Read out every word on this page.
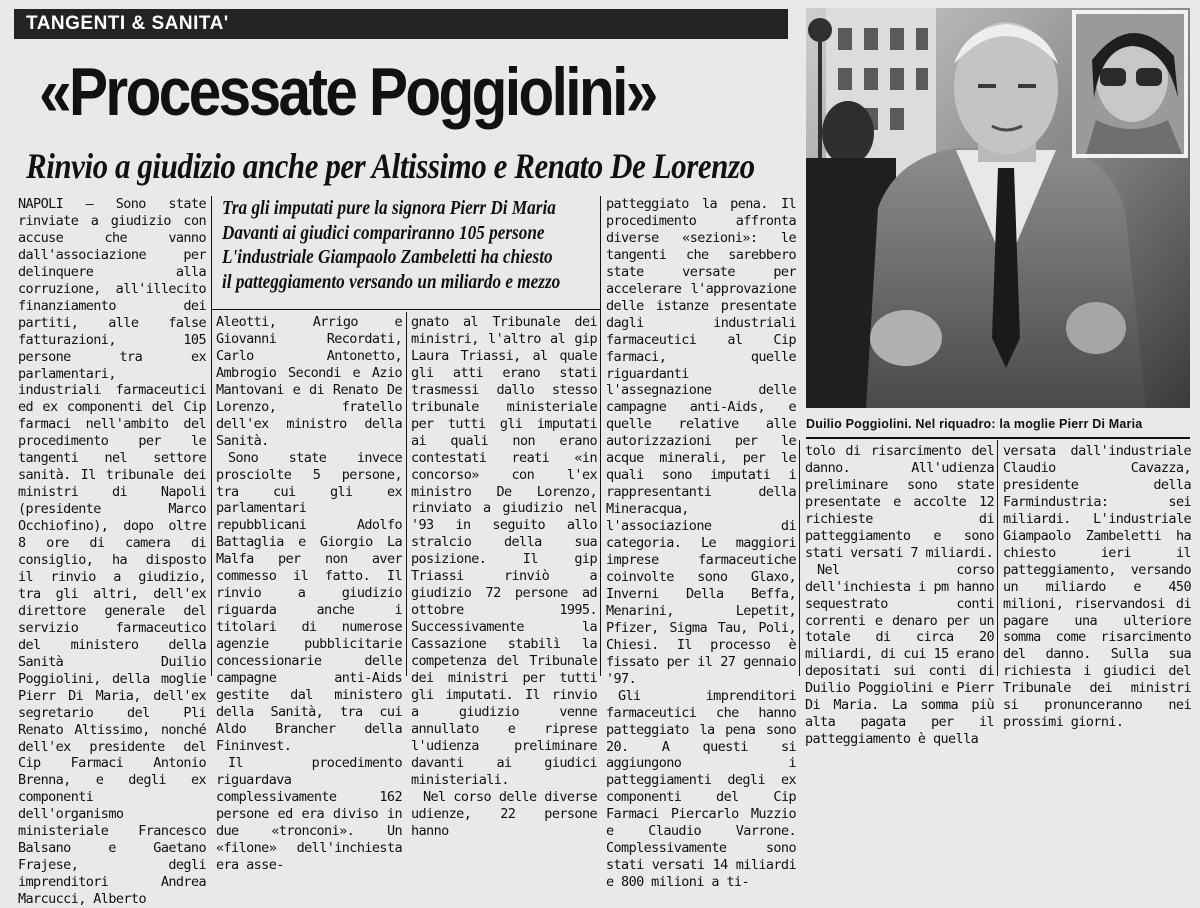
TANGENTI & SANITA'
«Processate Poggiolini»
Rinvio a giudizio anche per Altissimo e Renato De Lorenzo
Tra gli imputati pure la signora Pierr Di Maria
Davanti ai giudici compariranno 105 persone
L'industriale Giampaolo Zambeletti ha chiesto
il patteggiamento versando un miliardo e mezzo

NAPOLI — Sono state rinviate a giudizio con accuse che vanno dall'associazione per delinquere alla corruzione, all'illecito finanziamento dei partiti, alle false fatturazioni, 105 persone tra ex parlamentari, industriali farmaceutici ed ex componenti del Cip farmaci nell'ambito del procedimento per le tangenti nel settore sanità. Il tribunale dei ministri di Napoli (presidente Marco Occhiofino), dopo oltre 8 ore di camera di consiglio, ha disposto il rinvio a giudizio, tra gli altri, dell'ex direttore generale del servizio farmaceutico del ministero della Sanità Duilio Poggiolini, della moglie Pierr Di Maria, dell'ex segretario del Pli Renato Altissimo, nonché dell'ex presidente del Cip Farmaci Antonio Brenna, e degli ex componenti dell'organismo ministeriale Francesco Balsano e Gaetano Frajese, degli imprenditori Andrea Marcucci, Alberto

Aleotti, Arrigo e Giovanni Recordati, Carlo Antonetto, Ambrogio Secondi e Azio Mantovani e di Renato De Lorenzo, fratello dell'ex ministro della Sanità.

Sono state invece prosciolte 5 persone, tra cui gli ex parlamentari repubblicani Adolfo Battaglia e Giorgio La Malfa per non aver commesso il fatto. Il rinvio a giudizio riguarda anche i titolari di numerose agenzie pubblicitarie concessionarie delle campagne anti-Aids gestite dal ministero della Sanità, tra cui Aldo Brancher della Fininvest.

Il procedimento riguardava complessivamente 162 persone ed era diviso in due «tronconi». Un «filone» dell'inchiesta era asse-

gnato al Tribunale dei ministri, l'altro al gip Laura Triassi, al quale gli atti erano stati trasmessi dallo stesso tribunale ministeriale per tutti gli imputati ai quali non erano contestati reati «in concorso» con l'ex ministro De Lorenzo, rinviato a giudizio nel '93 in seguito allo stralcio della sua posizione. Il gip Triassi rinviò a giudizio 72 persone ad ottobre 1995. Successivamente la Cassazione stabilì la competenza del Tribunale dei ministri per tutti gli imputati. Il rinvio a giudizio venne annullato e riprese l'udienza preliminare davanti ai giudici ministeriali.

Nel corso delle diverse udienze, 22 persone hanno

patteggiato la pena. Il procedimento affronta diverse «sezioni»: le tangenti che sarebbero state versate per accelerare l'approvazione delle istanze presentate dagli industriali farmaceutici al Cip farmaci, quelle riguardanti l'assegnazione delle campagne anti-Aids, e quelle relative alle autorizzazioni per le acque minerali, per le quali sono imputati i rappresentanti della Mineracqua, l'associazione di categoria. Le maggiori imprese farmaceutiche coinvolte sono Glaxo, Inverni Della Beffa, Menarini, Lepetit, Pfizer, Sigma Tau, Poli, Chiesi. Il processo è fissato per il 27 gennaio '97.

Gli imprenditori farmaceutici che hanno patteggiato la pena sono 20. A questi si aggiungono i patteggiamenti degli ex componenti del Cip Farmaci Piercarlo Muzzio e Claudio Varrone. Complessivamente sono stati versati 14 miliardi e 800 milioni a ti-

tolo di risarcimento del danno. All'udienza preliminare sono state presentate e accolte 12 richieste di patteggiamento e sono stati versati 7 miliardi.

Nel corso dell'inchiesta i pm hanno sequestrato conti correnti e denaro per un totale di circa 20 miliardi, di cui 15 erano depositati sui conti di Duilio Poggiolini e Pierr Di Maria. La somma più alta pagata per il patteggiamento è quella

versata dall'industriale Claudio Cavazza, presidente della Farmindustria: sei miliardi. L'industriale Giampaolo Zambeletti ha chiesto ieri il patteggiamento, versando un miliardo e 450 milioni, riservandosi di pagare una ulteriore somma come risarcimento del danno. Sulla sua richiesta i giudici del Tribunale dei ministri si pronunceranno nei prossimi giorni.

Duilio Poggiolini. Nel riquadro: la moglie Pierr Di Maria
